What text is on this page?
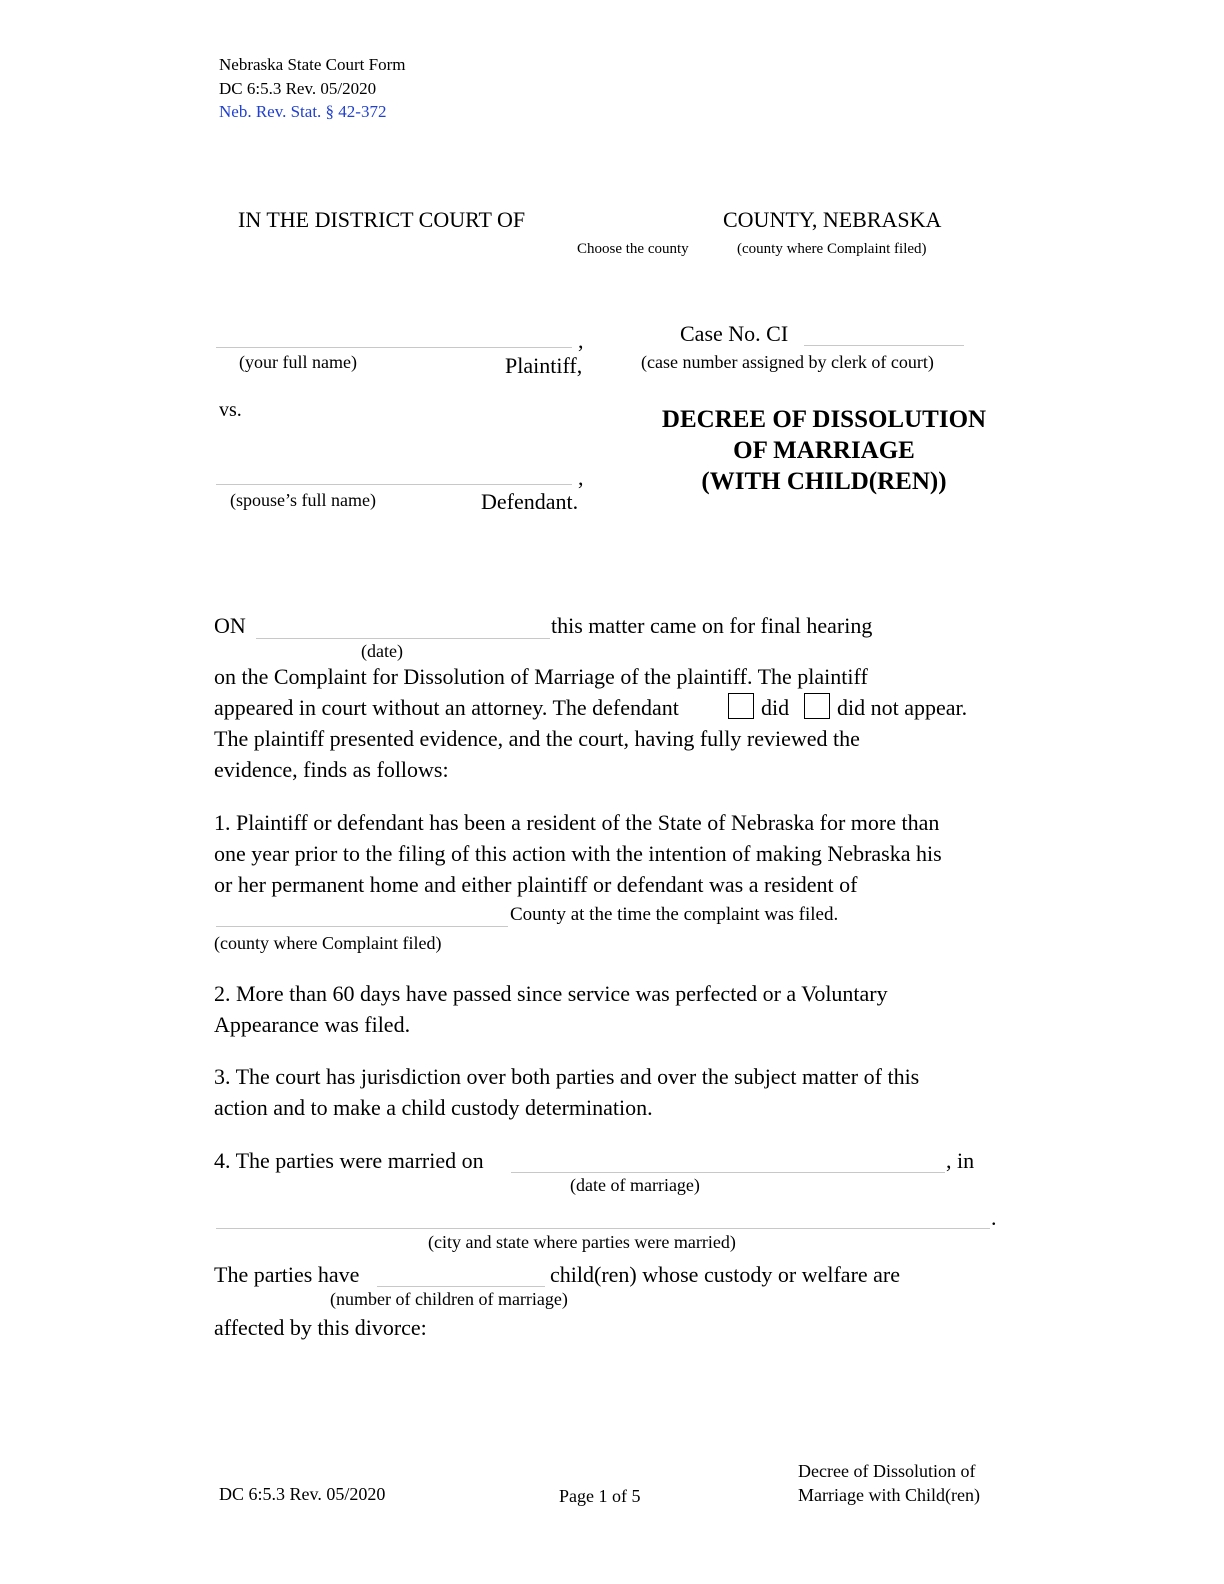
Nebraska State Court Form
DC 6:5.3 Rev. 05/2020
Neb. Rev. Stat. § 42-372
IN THE DISTRICT COURT OF	COUNTY, NEBRASKA
Choose the county	(county where Complaint filed)
,
(your full name)	Plaintiff,
Case No. CI
(case number assigned by clerk of court)
vs.	DECREE OF DISSOLUTION
OF MARRIAGE
(WITH CHILD(REN))
,
(spouse’s full name)	Defendant.
ON	this matter came on for final hearing
(date)
on the Complaint for Dissolution of Marriage of the plaintiff. The plaintiff
appeared in court without an attorney. The defendant	did did not appear.
The plaintiff presented evidence, and the court, having fully reviewed the
evidence, finds as follows:
1. Plaintiff or defendant has been a resident of the State of Nebraska for more than
one year prior to the filing of this action with the intention of making Nebraska his
or her permanent home and either plaintiff or defendant was a resident of
County at the time the complaint was filed.
(county where Complaint filed)
2. More than 60 days have passed since service was perfected or a Voluntary
Appearance was filed.
3. The court has jurisdiction over both parties and over the subject matter of this
action and to make a child custody determination.
4. The parties were married on	, in
(date of marriage)
.
(city and state where parties were married)
The parties have	child(ren) whose custody or welfare are
(number of children of marriage)
affected by this divorce:
DC 6:5.3 Rev. 05/2020	Page 1 of 5
Decree of Dissolution of
Marriage with Child(ren)
